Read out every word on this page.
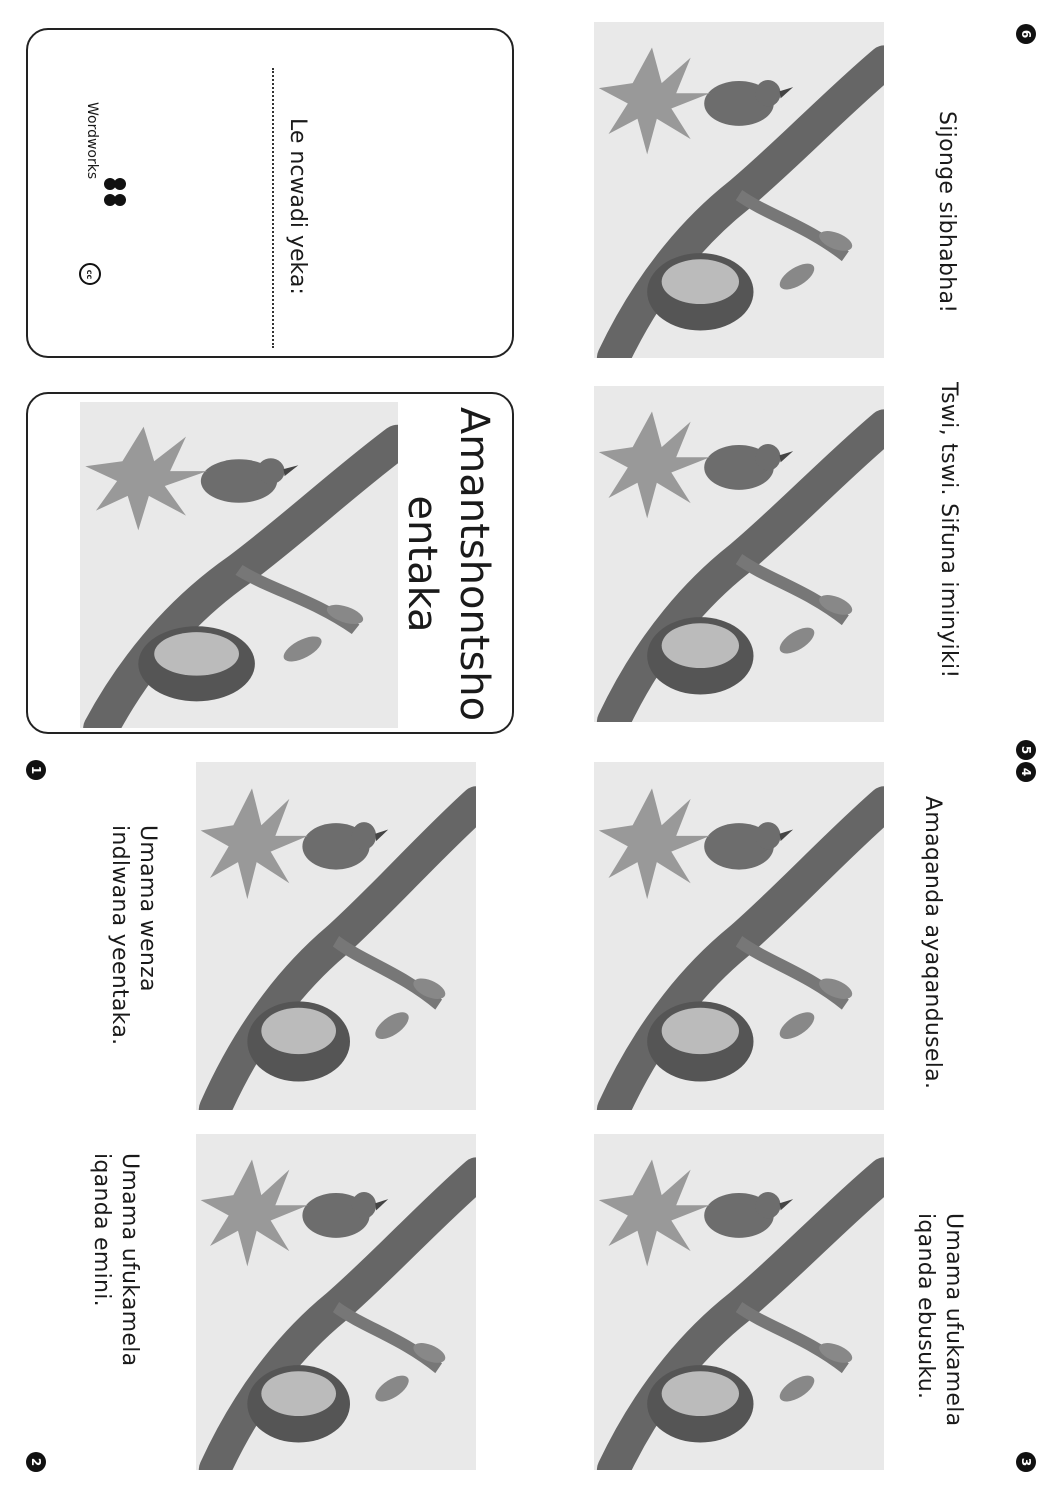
Le ncwadi yeka:
Wordworks
cc
Amantshontsho
entaka
Sijonge sibhabha!
Tswi, tswi. Sifuna iminyiki!
6
5
4
1
2	3
Umama wenza
indlwana yeentaka.
Umama ufukamela
iqanda emini.
Amaqanda ayaqandusela.
Umama ufukamela
iqanda ebusuku.
